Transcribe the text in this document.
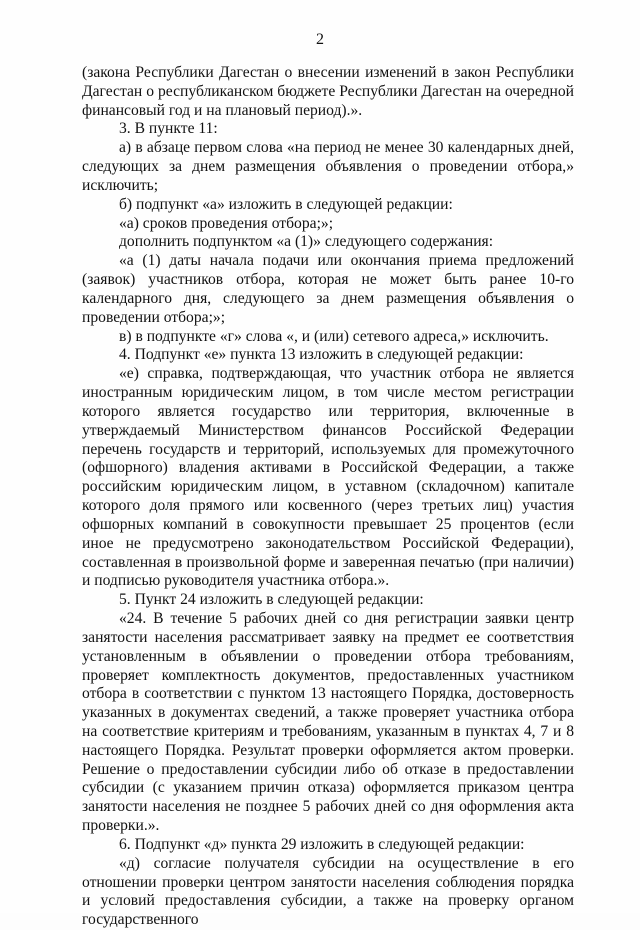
2

(закона Республики Дагестан о внесении изменений в закон Республики Дагестан о республиканском бюджете Республики Дагестан на очередной финансовый год и на плановый период).».

3. В пункте 11:

а) в абзаце первом слова «на период не менее 30 календарных дней, следующих за днем размещения объявления о проведении отбора,» исключить;

б) подпункт «а» изложить в следующей редакции:

«а) сроков проведения отбора;»;

дополнить подпунктом «а (1)» следующего содержания:

«а (1) даты начала подачи или окончания приема предложений (заявок) участников отбора, которая не может быть ранее 10-го календарного дня, следующего за днем размещения объявления о проведении отбора;»;

в) в подпункте «г» слова «, и (или) сетевого адреса,» исключить.

4. Подпункт «е» пункта 13 изложить в следующей редакции:

«е) справка, подтверждающая, что участник отбора не является иностранным юридическим лицом, в том числе местом регистрации которого является государство или территория, включенные в утверждаемый Министерством финансов Российской Федерации перечень государств и территорий, используемых для промежуточного (офшорного) владения активами в Российской Федерации, а также российским юридическим лицом, в уставном (складочном) капитале которого доля прямого или косвенного (через третьих лиц) участия офшорных компаний в совокупности превышает 25 процентов (если иное не предусмотрено законодательством Российской Федерации), составленная в произвольной форме и заверенная печатью (при наличии) и подписью руководителя участника отбора.».

5. Пункт 24 изложить в следующей редакции:

«24. В течение 5 рабочих дней со дня регистрации заявки центр занятости населения рассматривает заявку на предмет ее соответствия установленным в объявлении о проведении отбора требованиям, проверяет комплектность документов, предоставленных участником отбора в соответствии с пунктом 13 настоящего Порядка, достоверность указанных в документах сведений, а также проверяет участника отбора на соответствие критериям и требованиям, указанным в пунктах 4, 7 и 8 настоящего Порядка. Результат проверки оформляется актом проверки. Решение о предоставлении субсидии либо об отказе в предоставлении субсидии (с указанием причин отказа) оформляется приказом центра занятости населения не позднее 5 рабочих дней со дня оформления акта проверки.».

6. Подпункт «д» пункта 29 изложить в следующей редакции:

«д) согласие получателя субсидии на осуществление в его отношении проверки центром занятости населения соблюдения порядка и условий предоставления субсидии, а также на проверку органом государственного
